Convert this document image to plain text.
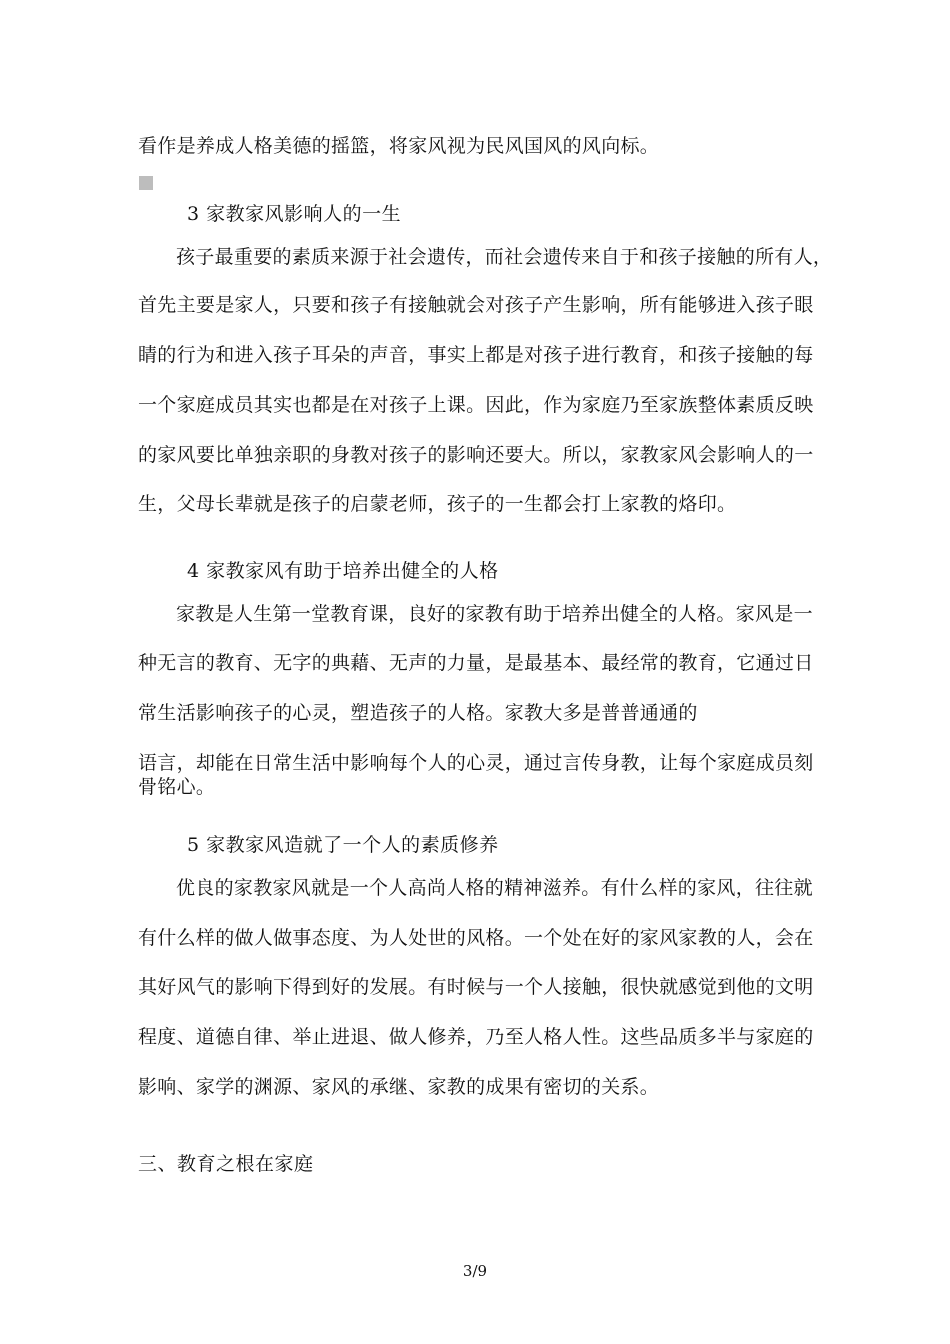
看作是养成人格美德的摇篮，将家风视为民风国风的风向标。
3 家教家风影响人的一生
孩子最重要的素质来源于社会遗传，而社会遗传来自于和孩子接触的所有人，
首先主要是家人，只要和孩子有接触就会对孩子产生影响，所有能够进入孩子眼
睛的行为和进入孩子耳朵的声音，事实上都是对孩子进行教育，和孩子接触的每
一个家庭成员其实也都是在对孩子上课。因此，作为家庭乃至家族整体素质反映
的家风要比单独亲职的身教对孩子的影响还要大。所以，家教家风会影响人的一
生，父母长辈就是孩子的启蒙老师，孩子的一生都会打上家教的烙印。
4 家教家风有助于培养出健全的人格
家教是人生第一堂教育课，良好的家教有助于培养出健全的人格。家风是一
种无言的教育、无字的典藉、无声的力量，是最基本、最经常的教育，它通过日
常生活影响孩子的心灵，塑造孩子的人格。家教大多是普普通通的
语言，却能在日常生活中影响每个人的心灵，通过言传身教，让每个家庭成员刻
骨铭心。
5 家教家风造就了一个人的素质修养
优良的家教家风就是一个人高尚人格的精神滋养。有什么样的家风，往往就
有什么样的做人做事态度、为人处世的风格。一个处在好的家风家教的人，会在
其好风气的影响下得到好的发展。有时候与一个人接触，很快就感觉到他的文明
程度、道德自律、举止进退、做人修养，乃至人格人性。这些品质多半与家庭的
影响、家学的渊源、家风的承继、家教的成果有密切的关系。
三、教育之根在家庭
3/9
